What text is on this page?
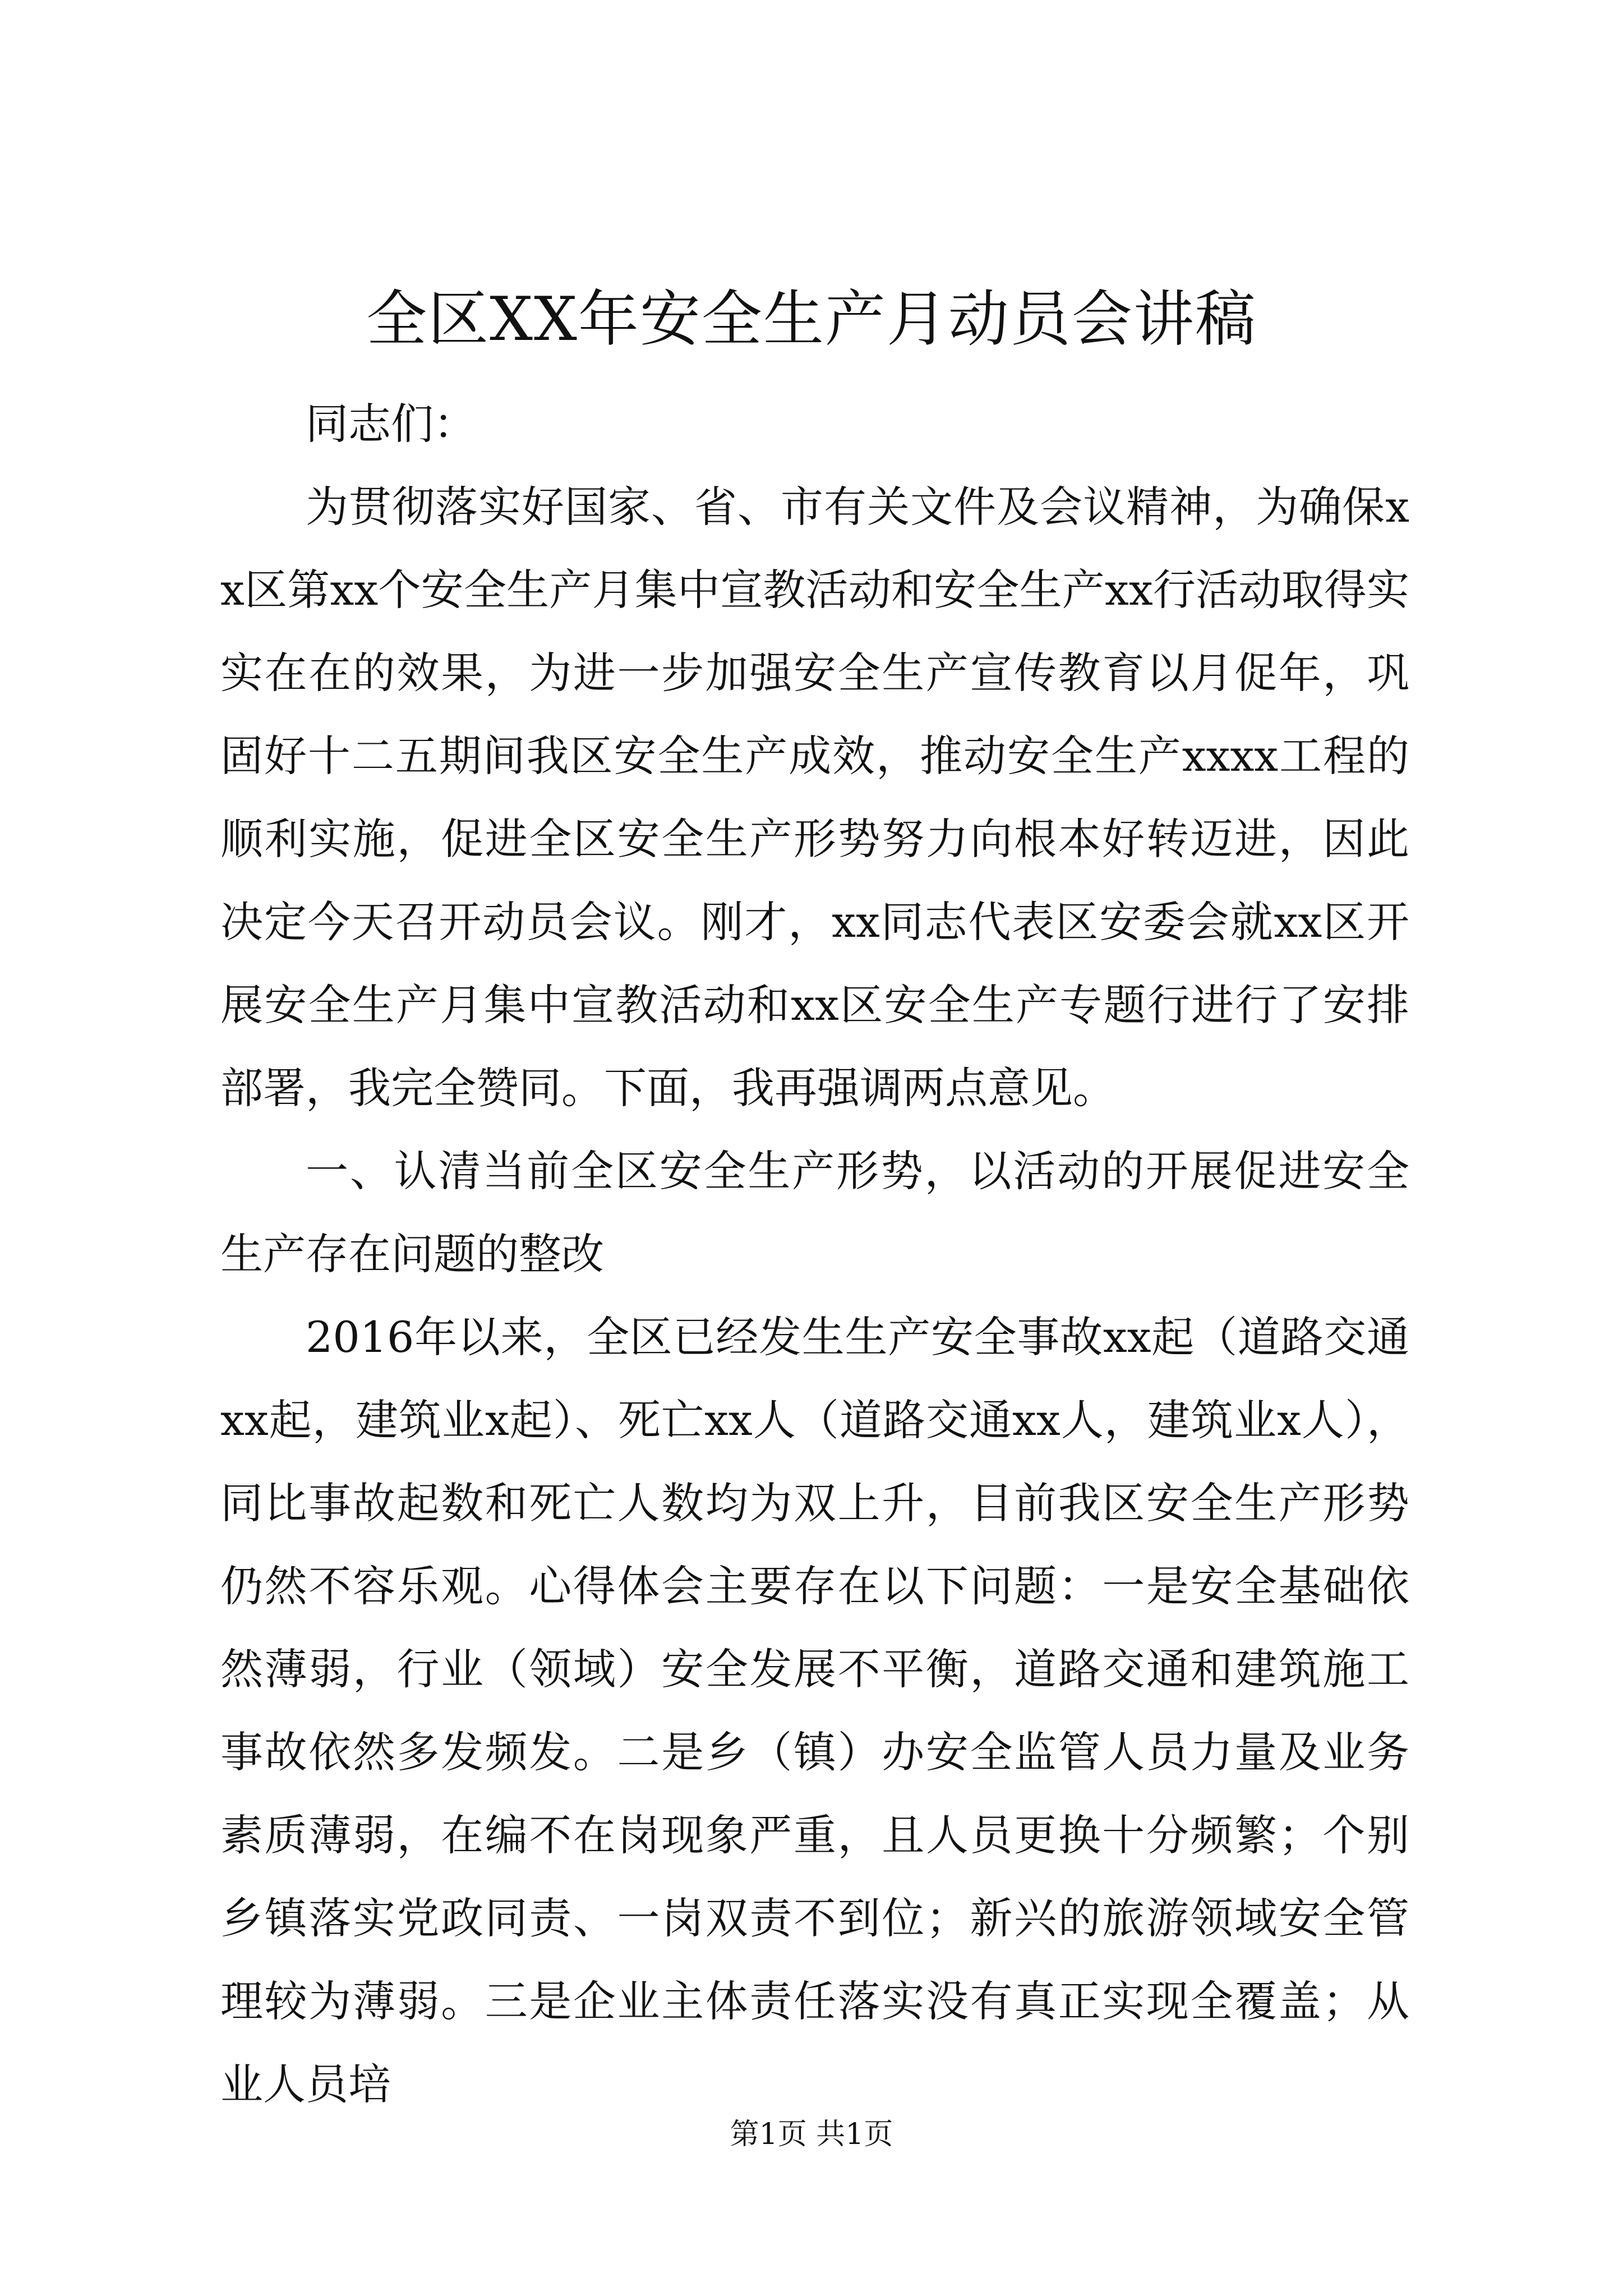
全区XX年安全生产月动员会讲稿

同志们：

为贯彻落实好国家、省、市有关文件及会议精神，为确保xx区第xx个安全生产月集中宣教活动和安全生产xx行活动取得实实在在的效果，为进一步加强安全生产宣传教育以月促年，巩固好十二五期间我区安全生产成效，推动安全生产xxxx工程的顺利实施，促进全区安全生产形势努力向根本好转迈进，因此决定今天召开动员会议。刚才，xx同志代表区安委会就xx区开展安全生产月集中宣教活动和xx区安全生产专题行进行了安排部署，我完全赞同。下面，我再强调两点意见。

一、认清当前全区安全生产形势，以活动的开展促进安全生产存在问题的整改

2016年以来，全区已经发生生产安全事故xx起（道路交通xx起，建筑业x起）、死亡xx人（道路交通xx人，建筑业x人），同比事故起数和死亡人数均为双上升，目前我区安全生产形势仍然不容乐观。心得体会主要存在以下问题：一是安全基础依然薄弱，行业（领域）安全发展不平衡，道路交通和建筑施工事故依然多发频发。二是乡（镇）办安全监管人员力量及业务素质薄弱，在编不在岗现象严重，且人员更换十分频繁；个别乡镇落实党政同责、一岗双责不到位；新兴的旅游领域安全管理较为薄弱。三是企业主体责任落实没有真正实现全覆盖；从业人员培

第1页 共1页
